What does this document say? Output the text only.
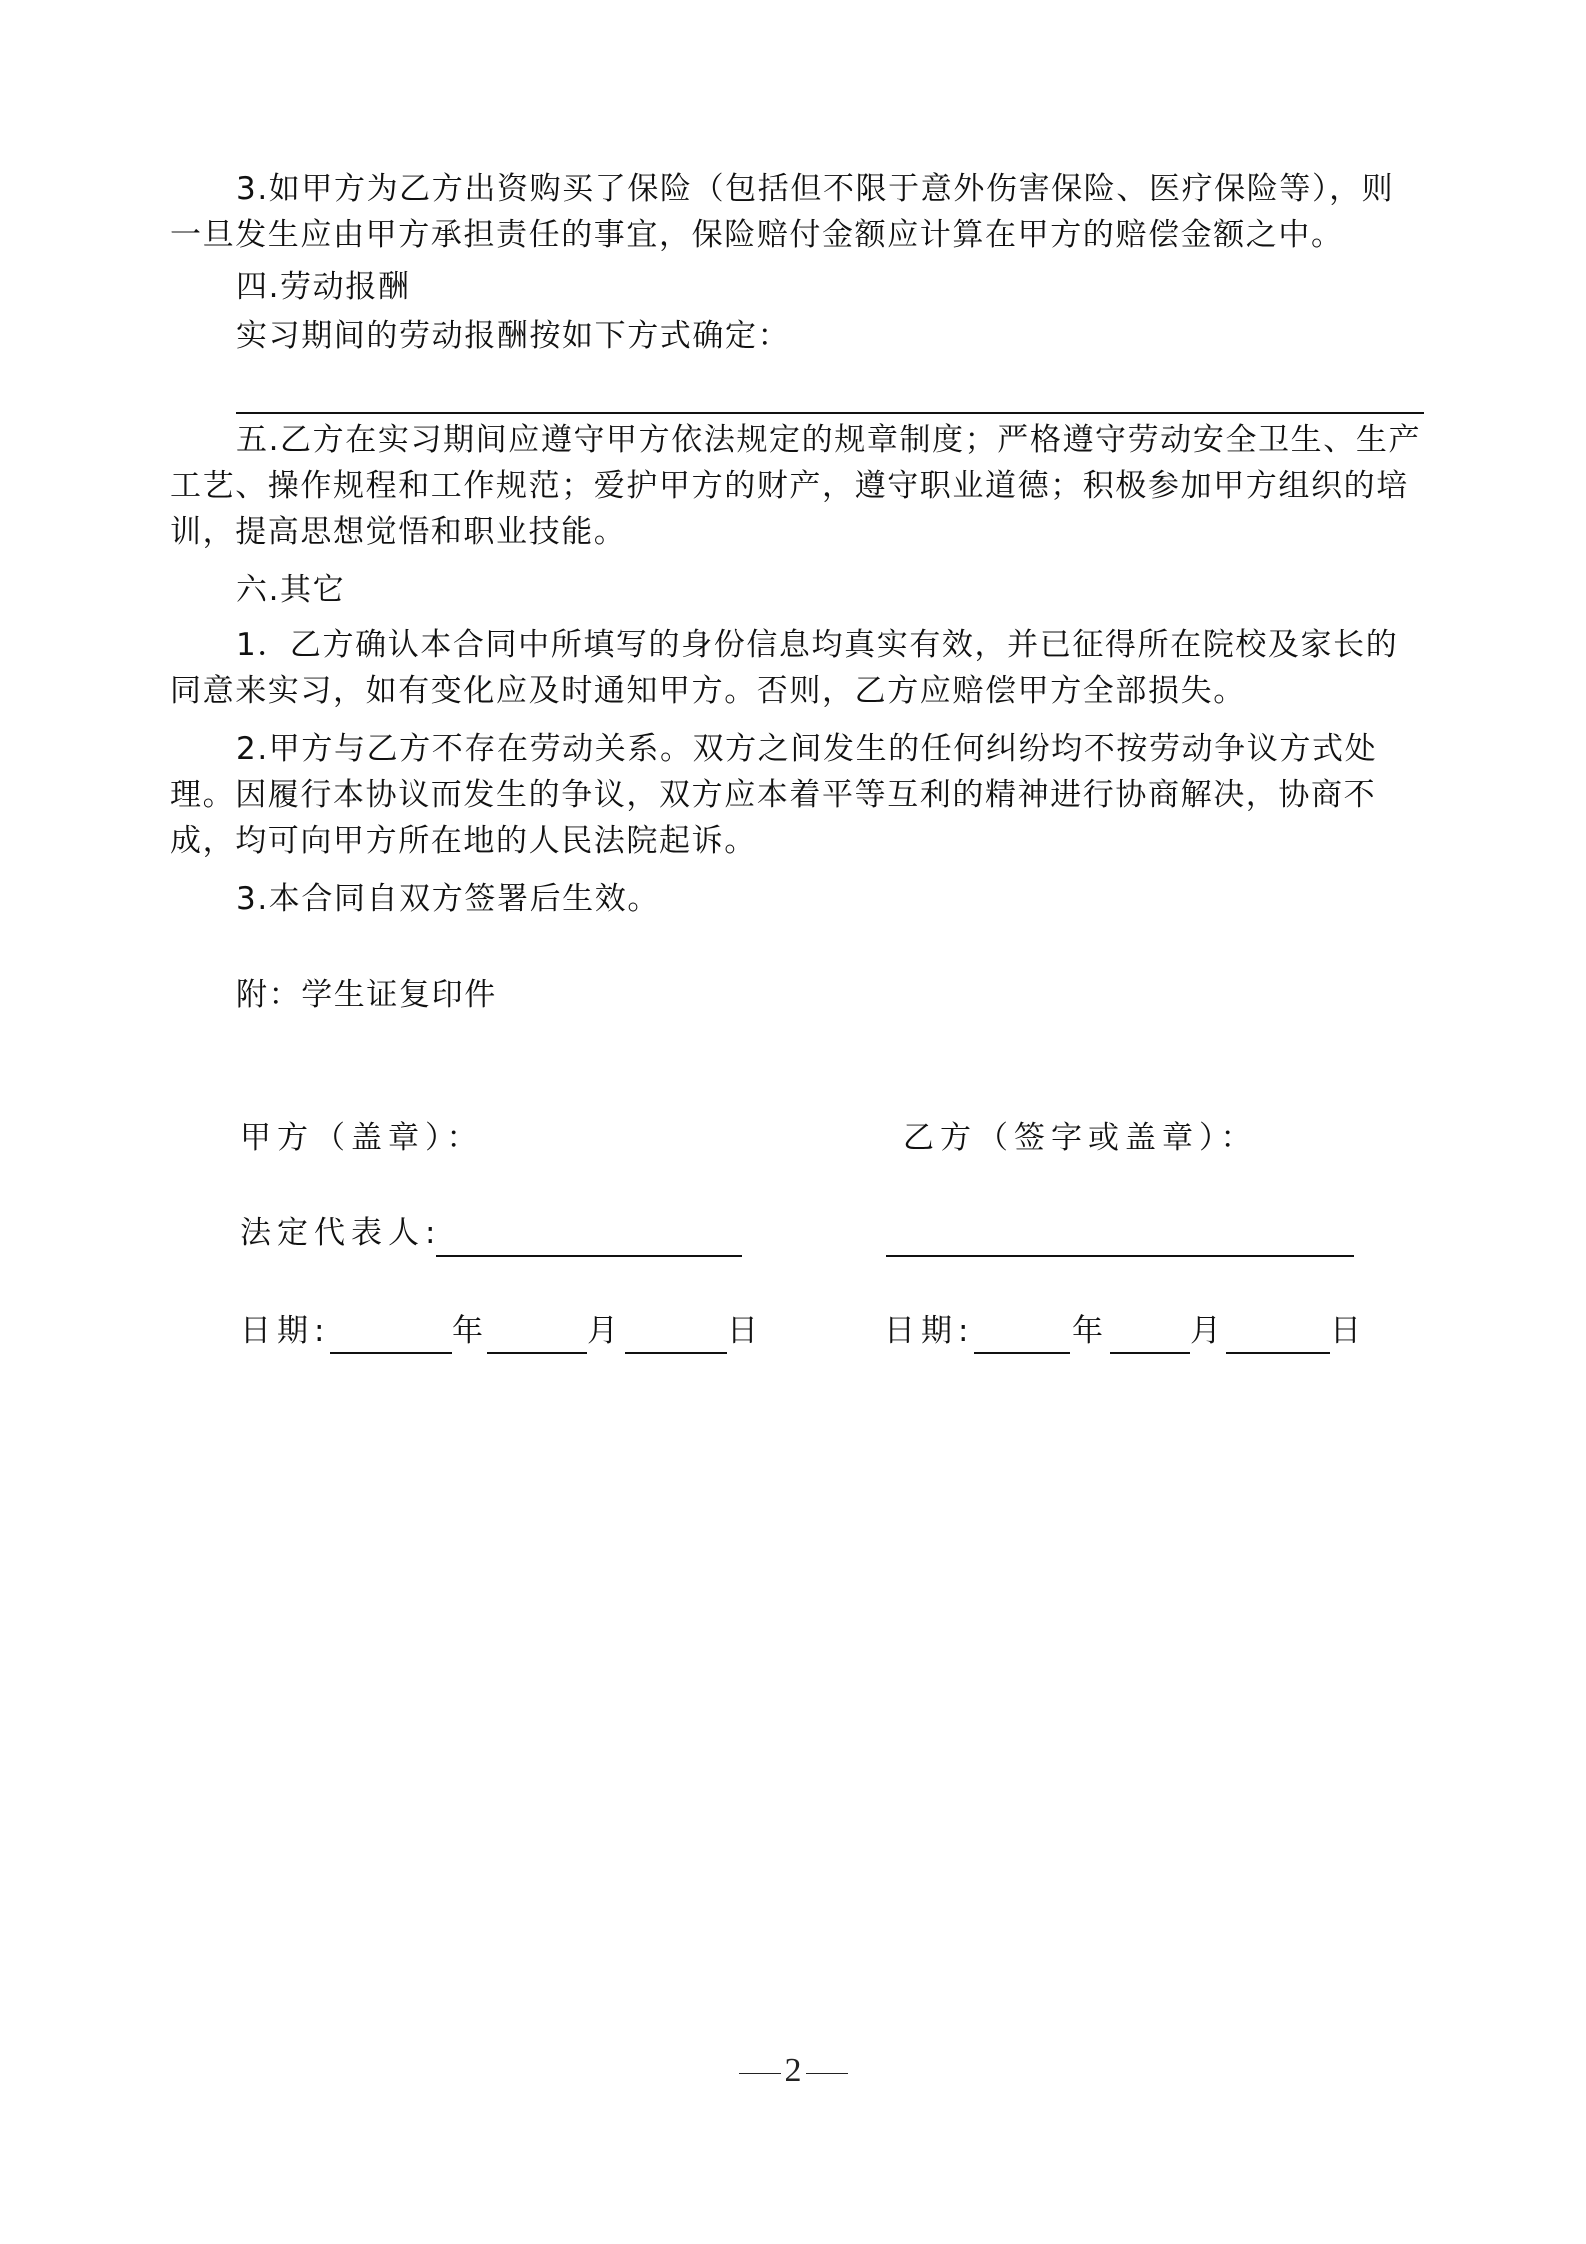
3.如甲方为乙方出资购买了保险（包括但不限于意外伤害保险、医疗保险等），则一旦发生应由甲方承担责任的事宜，保险赔付金额应计算在甲方的赔偿金额之中。

四.劳动报酬

实习期间的劳动报酬按如下方式确定：

五.乙方在实习期间应遵守甲方依法规定的规章制度；严格遵守劳动安全卫生、生产工艺、操作规程和工作规范；爱护甲方的财产，遵守职业道德；积极参加甲方组织的培训，提高思想觉悟和职业技能。

六.其它

1．乙方确认本合同中所填写的身份信息均真实有效，并已征得所在院校及家长的同意来实习，如有变化应及时通知甲方。否则，乙方应赔偿甲方全部损失。

2.甲方与乙方不存在劳动关系。双方之间发生的任何纠纷均不按劳动争议方式处理。因履行本协议而发生的争议，双方应本着平等互利的精神进行协商解决，协商不成，均可向甲方所在地的人民法院起诉。

3.本合同自双方签署后生效。

附：学生证复印件

甲方（盖章）：	乙方（签字或盖章）：
法定代表人:
日期:	年	月	日	日期:	年	月	日
2
